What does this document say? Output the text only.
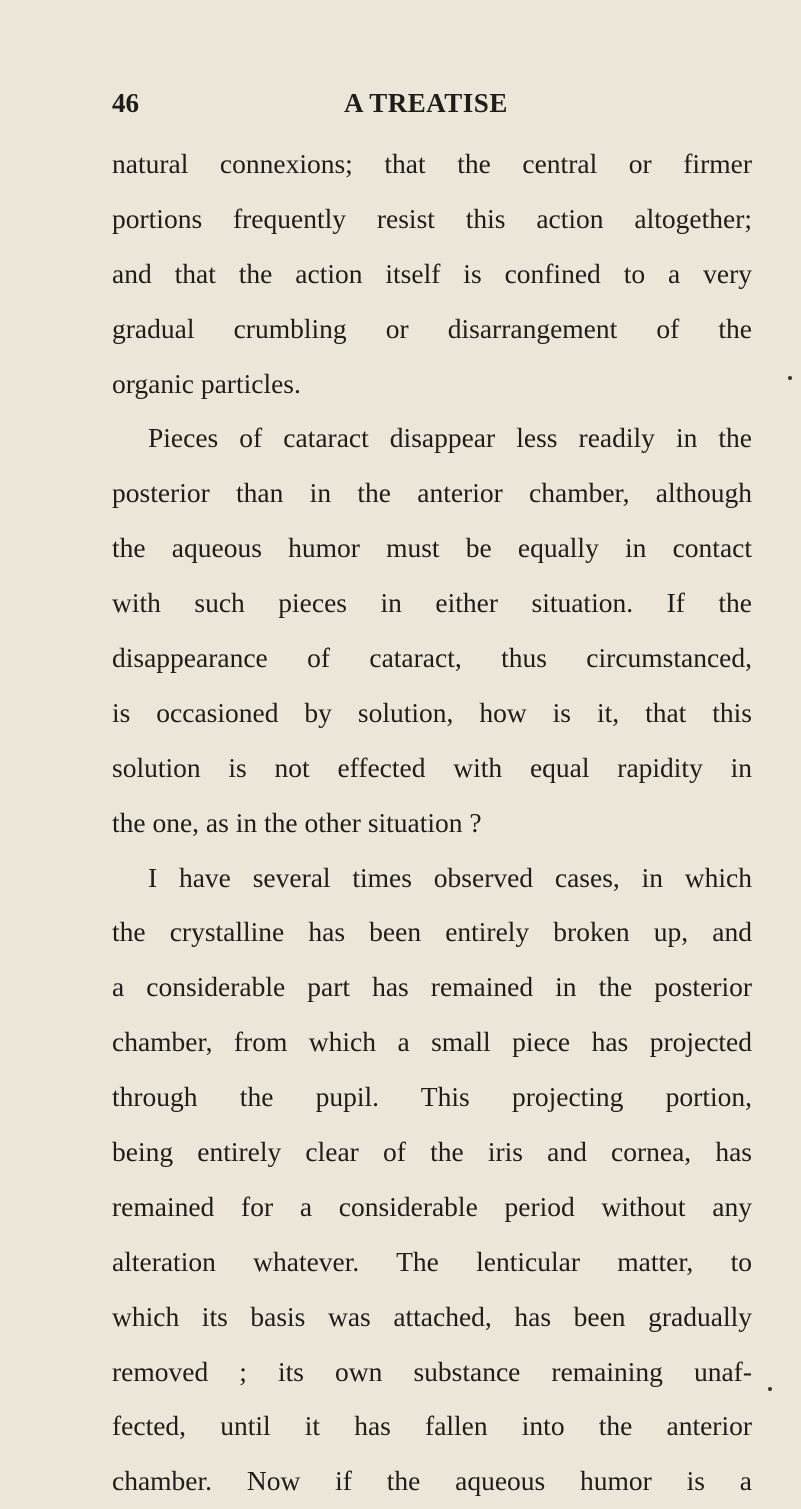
46	A TREATISE
natural connexions; that the central or firmer
portions frequently resist this action altogether;
and that the action itself is confined to a very
gradual crumbling or disarrangement of the
organic particles.
Pieces of cataract disappear less readily in the
posterior than in the anterior chamber, although
the aqueous humor must be equally in contact
with such pieces in either situation. If the
disappearance of cataract, thus circumstanced,
is occasioned by solution, how is it, that this
solution is not effected with equal rapidity in
the one, as in the other situation ?
I have several times observed cases, in which
the crystalline has been entirely broken up, and
a considerable part has remained in the posterior
chamber, from which a small piece has projected
through the pupil. This projecting portion,
being entirely clear of the iris and cornea, has
remained for a considerable period without any
alteration whatever. The lenticular matter, to
which its basis was attached, has been gradually
removed ; its own substance remaining unaf-
fected, until it has fallen into the anterior
chamber. Now if the aqueous humor is a
